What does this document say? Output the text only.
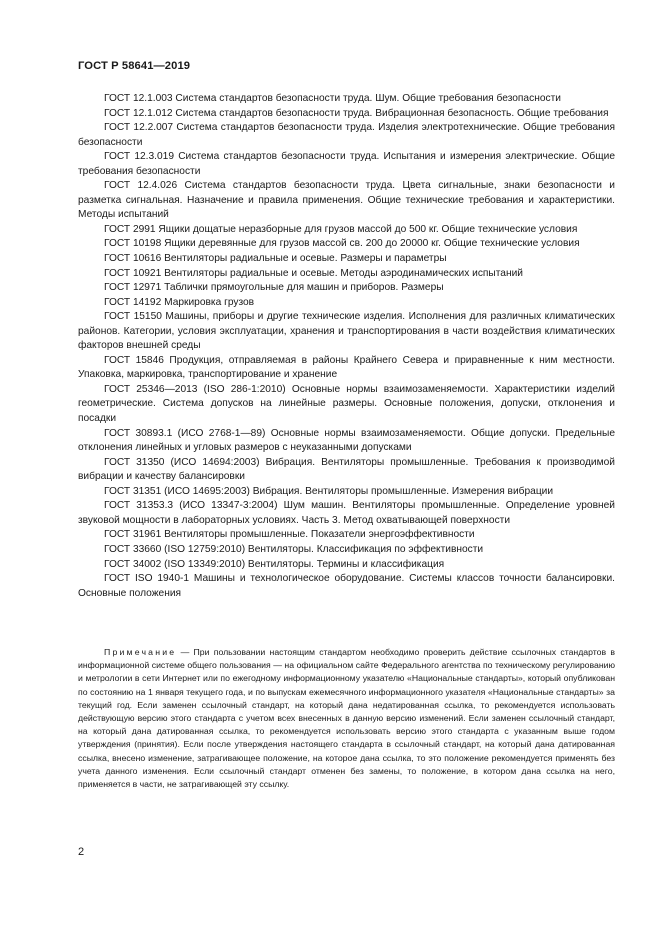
ГОСТ Р 58641—2019

ГОСТ 12.1.003 Система стандартов безопасности труда. Шум. Общие требования безопасности

ГОСТ 12.1.012 Система стандартов безопасности труда. Вибрационная безопасность. Общие требования

ГОСТ 12.2.007 Система стандартов безопасности труда. Изделия электротехнические. Общие требования безопасности

ГОСТ 12.3.019 Система стандартов безопасности труда. Испытания и измерения электрические. Общие требования безопасности

ГОСТ 12.4.026 Система стандартов безопасности труда. Цвета сигнальные, знаки безопасности и разметка сигнальная. Назначение и правила применения. Общие технические требования и характеристики. Методы испытаний

ГОСТ 2991 Ящики дощатые неразборные для грузов массой до 500 кг. Общие технические условия

ГОСТ 10198 Ящики деревянные для грузов массой св. 200 до 20000 кг. Общие технические условия

ГОСТ 10616 Вентиляторы радиальные и осевые. Размеры и параметры

ГОСТ 10921 Вентиляторы радиальные и осевые. Методы аэродинамических испытаний

ГОСТ 12971 Таблички прямоугольные для машин и приборов. Размеры

ГОСТ 14192 Маркировка грузов

ГОСТ 15150 Машины, приборы и другие технические изделия. Исполнения для различных климатических районов. Категории, условия эксплуатации, хранения и транспортирования в части воздействия климатических факторов внешней среды

ГОСТ 15846 Продукция, отправляемая в районы Крайнего Севера и приравненные к ним местности. Упаковка, маркировка, транспортирование и хранение

ГОСТ 25346—2013 (ISO 286-1:2010) Основные нормы взаимозаменяемости. Характеристики изделий геометрические. Система допусков на линейные размеры. Основные положения, допуски, отклонения и посадки

ГОСТ 30893.1 (ИСО 2768-1—89) Основные нормы взаимозаменяемости. Общие допуски. Предельные отклонения линейных и угловых размеров с неуказанными допусками

ГОСТ 31350 (ИСО 14694:2003) Вибрация. Вентиляторы промышленные. Требования к производимой вибрации и качеству балансировки

ГОСТ 31351 (ИСО 14695:2003) Вибрация. Вентиляторы промышленные. Измерения вибрации

ГОСТ 31353.3 (ИСО 13347-3:2004) Шум машин. Вентиляторы промышленные. Определение уровней звуковой мощности в лабораторных условиях. Часть 3. Метод охватывающей поверхности

ГОСТ 31961 Вентиляторы промышленные. Показатели энергоэффективности

ГОСТ 33660 (ISO 12759:2010) Вентиляторы. Классификация по эффективности

ГОСТ 34002 (ISO 13349:2010) Вентиляторы. Термины и классификация

ГОСТ ISO 1940-1 Машины и технологическое оборудование. Системы классов точности балансировки. Основные положения

Примечание — При пользовании настоящим стандартом необходимо проверить действие ссылочных стандартов в информационной системе общего пользования — на официальном сайте Федерального агентства по техническому регулированию и метрологии в сети Интернет или по ежегодному информационному указателю «Национальные стандарты», который опубликован по состоянию на 1 января текущего года, и по выпускам ежемесячного информационного указателя «Национальные стандарты» за текущий год. Если заменен ссылочный стандарт, на который дана недатированная ссылка, то рекомендуется использовать действующую версию этого стандарта с учетом всех внесенных в данную версию изменений. Если заменен ссылочный стандарт, на который дана датированная ссылка, то рекомендуется использовать версию этого стандарта с указанным выше годом утверждения (принятия). Если после утверждения настоящего стандарта в ссылочный стандарт, на который дана датированная ссылка, внесено изменение, затрагивающее положение, на которое дана ссылка, то это положение рекомендуется применять без учета данного изменения. Если ссылочный стандарт отменен без замены, то положение, в котором дана ссылка на него, применяется в части, не затрагивающей эту ссылку.

2
